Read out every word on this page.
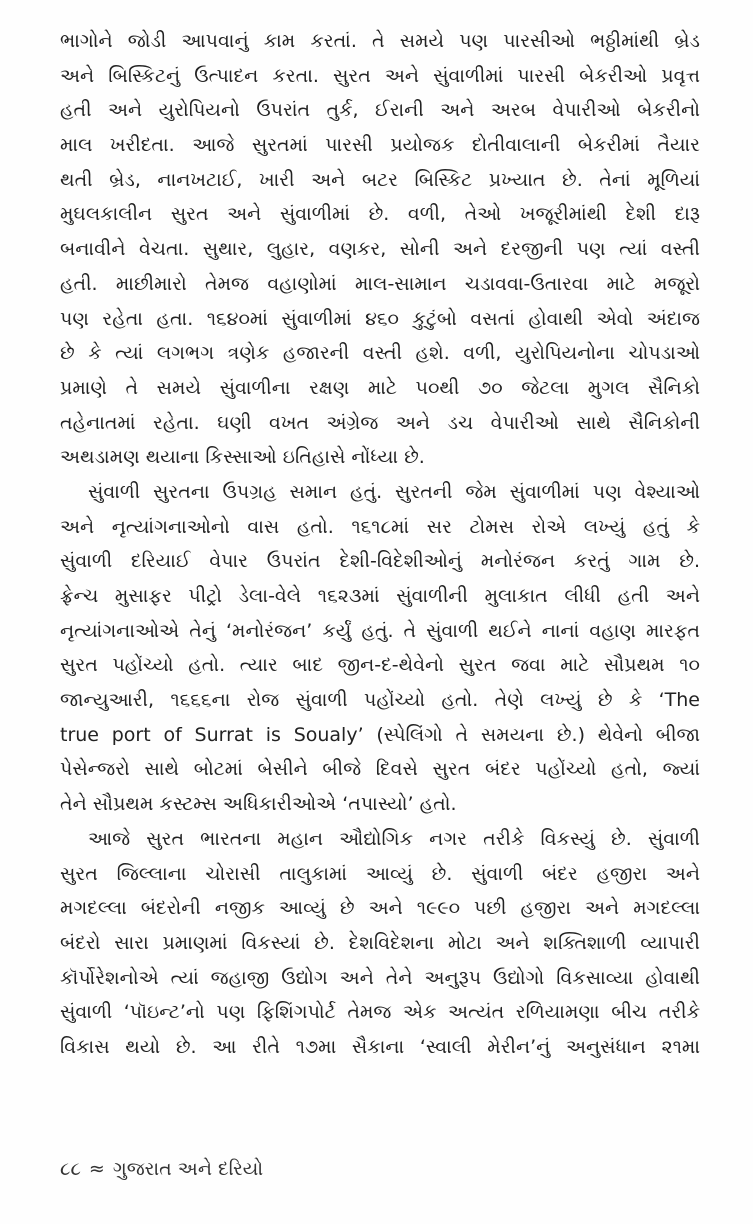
ભાગોને જોડી આપવાનું કામ કરતાં. તે સમયે પણ પારસીઓ ભઠ્ઠીમાંથી બ્રેડ
અને બિસ્કિટનું ઉત્પાદન કરતા. સુરત અને સુંવાળીમાં પારસી બેકરીઓ પ્રવૃત્ત
હતી અને યુરોપિયનો ઉપરાંત તુર્ક, ઈરાની અને અરબ વેપારીઓ બેકરીનો
માલ ખરીદતા. આજે સુરતમાં પારસી પ્રયોજક દોતીવાલાની બેકરીમાં તૈયાર
થતી બ્રેડ, નાનખટાઈ, ખારી અને બટર બિસ્કિટ પ્રખ્યાત છે. તેનાં મૂળિયાં
મુઘલકાલીન સુરત અને સુંવાળીમાં છે. વળી, તેઓ ખજૂરીમાંથી દેશી દારૂ
બનાવીને વેચતા. સુથાર, લુહાર, વણકર, સોની અને દરજીની પણ ત્યાં વસ્તી
હતી. માછીમારો તેમજ વહાણોમાં માલ-સામાન ચડાવવા-ઉતારવા માટે મજૂરો
પણ રહેતા હતા. ૧૬૪૦માં સુંવાળીમાં ૪૬૦ કુટુંબો વસતાં હોવાથી એવો અંદાજ
છે કે ત્યાં લગભગ ત્રણેક હજારની વસ્તી હશે. વળી, યુરોપિયનોના ચોપડાઓ
પ્રમાણે તે સમયે સુંવાળીના રક્ષણ માટે ૫૦થી ૭૦ જેટલા મુગલ સૈનિકો
તહેનાતમાં રહેતા. ઘણી વખત અંગ્રેજ અને ડચ વેપારીઓ સાથે સૈનિકોની
અથડામણ થયાના કિસ્સાઓ ઇતિહાસે નોંધ્યા છે.
સુંવાળી સુરતના ઉપગ્રહ સમાન હતું. સુરતની જેમ સુંવાળીમાં પણ વેશ્યાઓ
અને નૃત્યાંગનાઓનો વાસ હતો. ૧૬૧૮માં સર ટોમસ રોએ લખ્યું હતું કે
સુંવાળી દરિયાઈ વેપાર ઉપરાંત દેશી-વિદેશીઓનું મનોરંજન કરતું ગામ છે.
ફ્રેન્ચ મુસાફર પીટ્રો ડેલા-વેલે ૧૬૨૩માં સુંવાળીની મુલાકાત લીધી હતી અને
નૃત્યાંગનાઓએ તેનું ‘મનોરંજન’ કર્યું હતું. તે સુંવાળી થઈને નાનાં વહાણ મારફત
સુરત પહોંચ્યો હતો. ત્યાર બાદ જીન-દ-થેવેનો સુરત જવા માટે સૌપ્રથમ ૧૦
જાન્યુઆરી, ૧૬૬૬ના રોજ સુંવાળી પહોંચ્યો હતો. તેણે લખ્યું છે કે ‘The
true port of Surrat is Soualy’ (સ્પેલિંગો તે સમયના છે.) થેવેનો બીજા
પેસેન્જરો સાથે બોટમાં બેસીને બીજે દિવસે સુરત બંદર પહોંચ્યો હતો, જ્યાં
તેને સૌપ્રથમ કસ્ટમ્સ અધિકારીઓએ ‘તપાસ્યો’ હતો.
આજે સુરત ભારતના મહાન ઔદ્યોગિક નગર તરીકે વિકસ્યું છે. સુંવાળી
સુરત જિલ્લાના ચોરાસી તાલુકામાં આવ્યું છે. સુંવાળી બંદર હજીરા અને
મગદલ્લા બંદરોની નજીક આવ્યું છે અને ૧૯૯૦ પછી હજીરા અને મગદલ્લા
બંદરો સારા પ્રમાણમાં વિકસ્યાં છે. દેશવિદેશના મોટા અને શક્તિશાળી વ્યાપારી
કૉર્પોરેશનોએ ત્યાં જહાજી ઉદ્યોગ અને તેને અનુરૂપ ઉદ્યોગો વિકસાવ્યા હોવાથી
સુંવાળી ‘પૉઇન્ટ’નો પણ ફિશિંગપોર્ટ તેમજ એક અત્યંત રળિયામણા બીચ તરીકે
વિકાસ થયો છે. આ રીતે ૧૭મા સૈકાના ‘સ્વાલી મેરીન’નું અનુસંધાન ૨૧મા
૮૮ ≈ ગુજરાત અને દરિયો
